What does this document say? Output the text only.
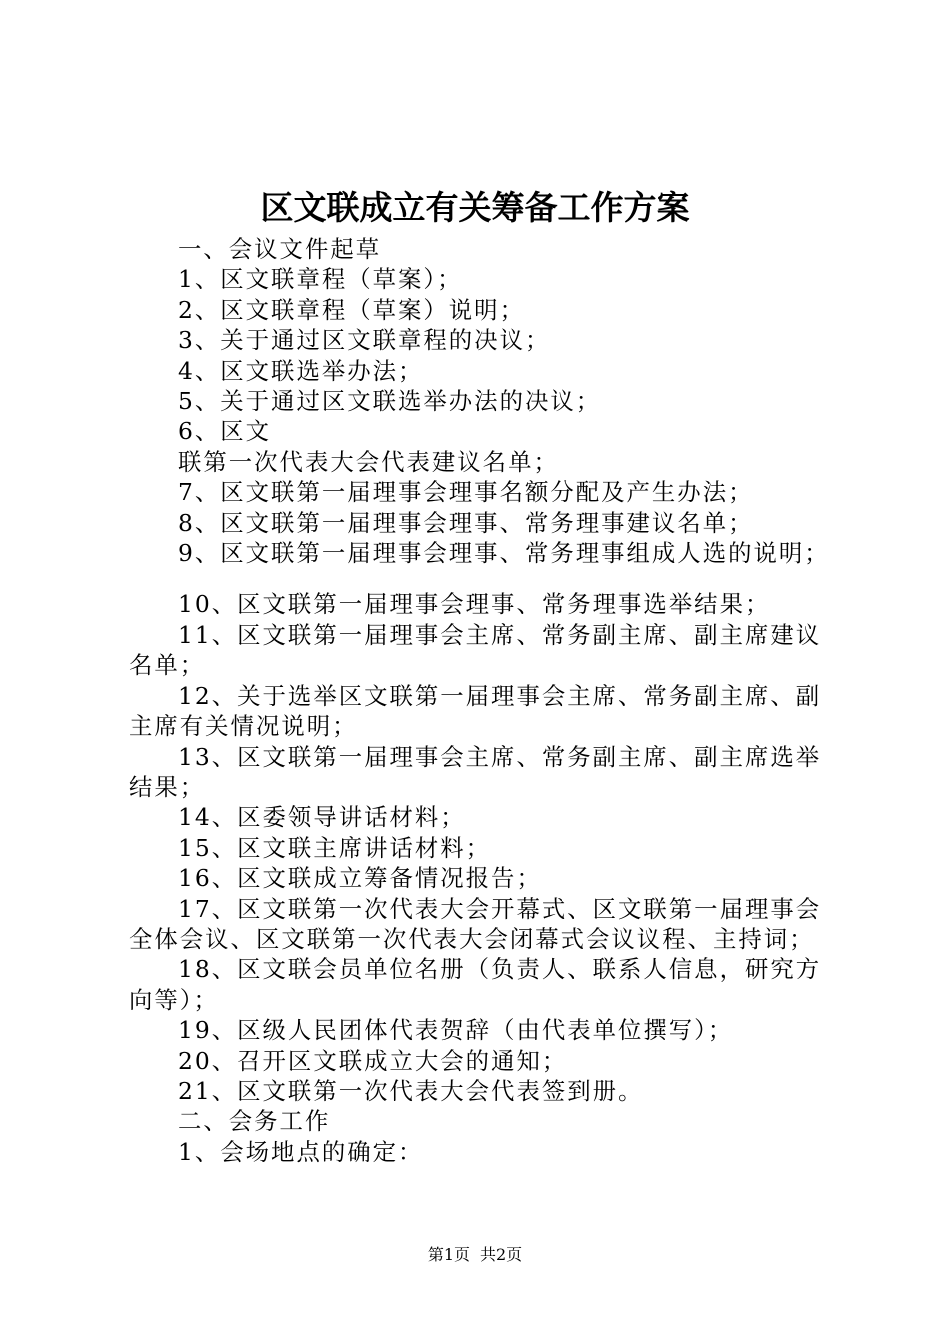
区文联成立有关筹备工作方案

一、会议文件起草

1、区文联章程（草案）；

2、区文联章程（草案）说明；

3、关于通过区文联章程的决议；

4、区文联选举办法；

5、关于通过区文联选举办法的决议；

6、区文

联第一次代表大会代表建议名单；

7、区文联第一届理事会理事名额分配及产生办法；

8、区文联第一届理事会理事、常务理事建议名单；

9、区文联第一届理事会理事、常务理事组成人选的说明；

10、区文联第一届理事会理事、常务理事选举结果；

11、区文联第一届理事会主席、常务副主席、副主席建议名单；

12、关于选举区文联第一届理事会主席、常务副主席、副主席有关情况说明；

13、区文联第一届理事会主席、常务副主席、副主席选举结果；

14、区委领导讲话材料；

15、区文联主席讲话材料；

16、区文联成立筹备情况报告；

17、区文联第一次代表大会开幕式、区文联第一届理事会全体会议、区文联第一次代表大会闭幕式会议议程、主持词；

18、区文联会员单位名册（负责人、联系人信息，研究方向等）；

19、区级人民团体代表贺辞（由代表单位撰写）；

20、召开区文联成立大会的通知；

21、区文联第一次代表大会代表签到册。

二、会务工作

1、会场地点的确定：

第1页 共2页
